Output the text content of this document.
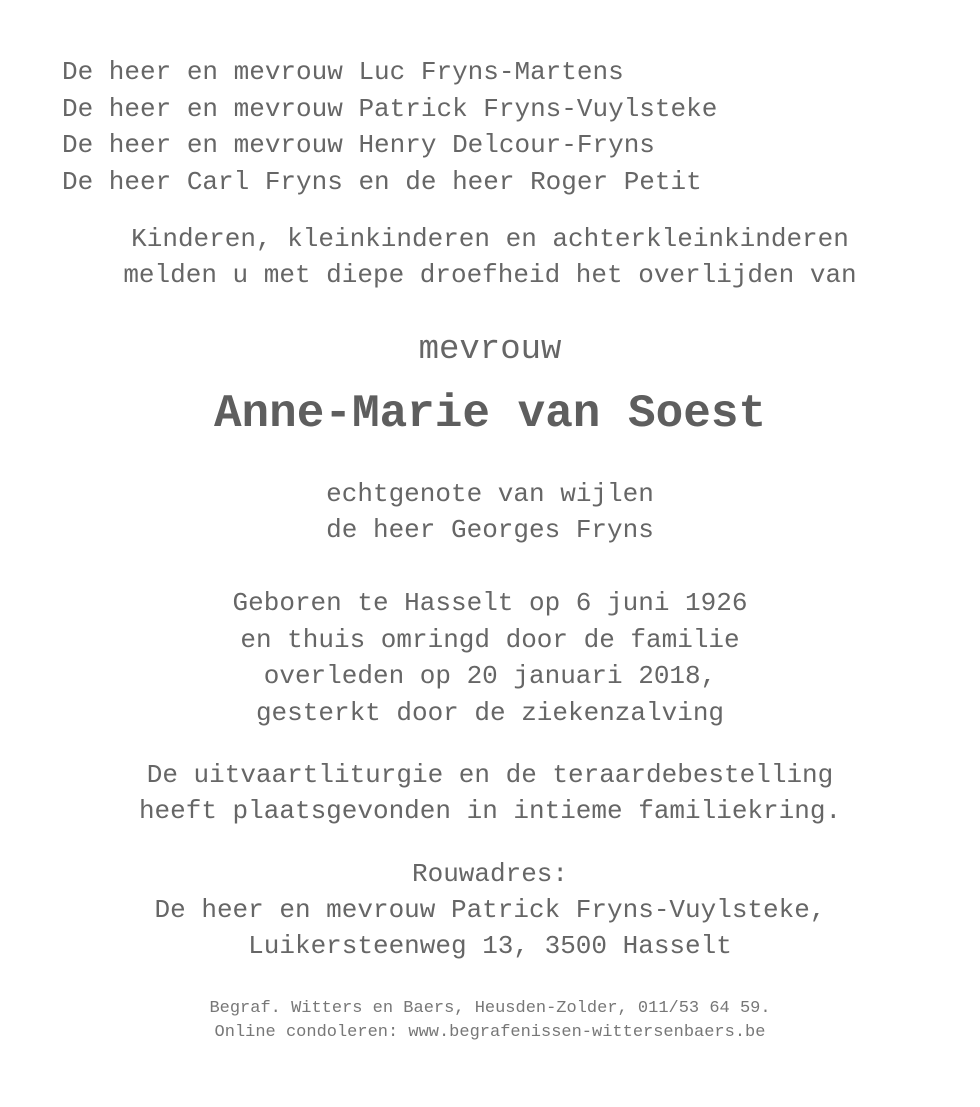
De heer en mevrouw Luc Fryns-Martens
De heer en mevrouw Patrick Fryns-Vuylsteke
De heer en mevrouw Henry Delcour-Fryns
De heer Carl Fryns en de heer Roger Petit
Kinderen, kleinkinderen en achterkleinkinderen
melden u met diepe droefheid het overlijden van
mevrouw
Anne-Marie van Soest
echtgenote van wijlen
de heer Georges Fryns
Geboren te Hasselt op 6 juni 1926
en thuis omringd door de familie
overleden op 20 januari 2018,
gesterkt door de ziekenzalving
De uitvaartliturgie en de teraardebestelling
heeft plaatsgevonden in intieme familiekring.
Rouwadres:
De heer en mevrouw Patrick Fryns-Vuylsteke,
Luikersteenweg 13, 3500 Hasselt
Begraf. Witters en Baers, Heusden-Zolder, 011/53 64 59.
Online condoleren: www.begrafenissen-wittersenbaers.be
